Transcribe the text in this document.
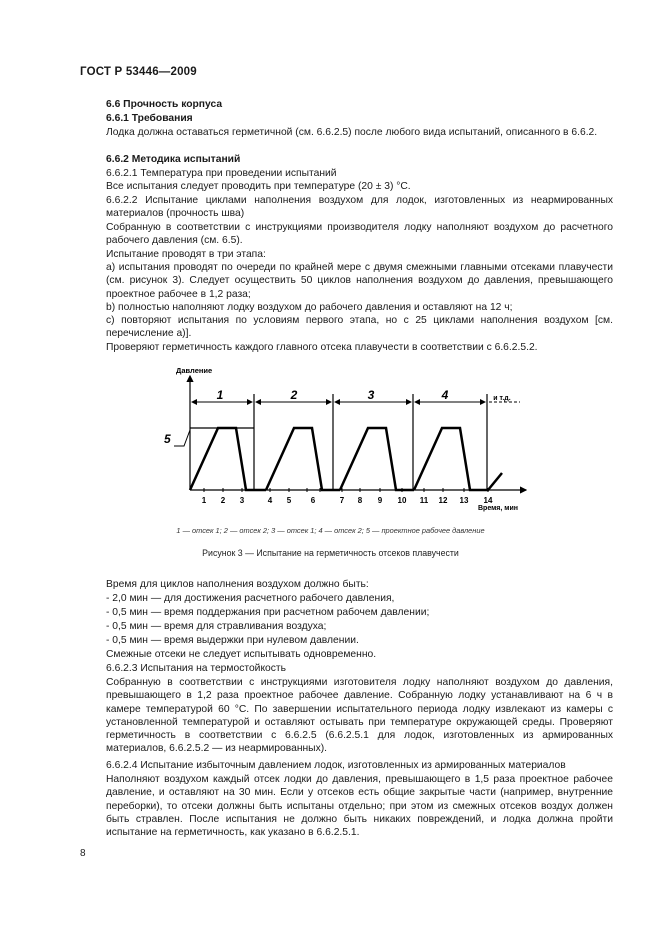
ГОСТ Р 53446—2009
6.6 Прочность корпуса
6.6.1 Требования
Лодка должна оставаться герметичной (см. 6.6.2.5) после любого вида испытаний, описанного в 6.6.2.
6.6.2 Методика испытаний
6.6.2.1 Температура при проведении испытаний
Все испытания следует проводить при температуре (20 ± 3) °С.
6.6.2.2 Испытание циклами наполнения воздухом для лодок, изготовленных из неармированных материалов (прочность шва)
Собранную в соответствии с инструкциями производителя лодку наполняют воздухом до расчетного рабочего давления (см. 6.5).
Испытание проводят в три этапа:
a) испытания проводят по очереди по крайней мере с двумя смежными главными отсеками плавучести (см. рисунок 3). Следует осуществить 50 циклов наполнения воздухом до давления, превышающего проектное рабочее в 1,2 раза;
b) полностью наполняют лодку воздухом до рабочего давления и оставляют на 12 ч;
c) повторяют испытания по условиям первого этапа, но с 25 циклами наполнения воздухом [см. перечисление a)].
Проверяют герметичность каждого главного отсека плавучести в соответствии с 6.6.2.5.2.
Давление
Время, мин
1	2	3	4	и т.д.
5
1 2 3	4 5 6	7 8 9 10 11 12 13 14
1 — отсек 1; 2 — отсек 2; 3 — отсек 1; 4 — отсек 2; 5 — проектное рабочее давление
Рисунок 3 — Испытание на герметичность отсеков плавучести
Время для циклов наполнения воздухом должно быть:
- 2,0 мин — для достижения расчетного рабочего давления,
- 0,5 мин — время поддержания при расчетном рабочем давлении;
- 0,5 мин — время для стравливания воздуха;
- 0,5 мин — время выдержки при нулевом давлении.
Смежные отсеки не следует испытывать одновременно.
6.6.2.3 Испытания на термостойкость
Собранную в соответствии с инструкциями изготовителя лодку наполняют воздухом до давления, превышающего в 1,2 раза проектное рабочее давление. Собранную лодку устанавливают на 6 ч в камере температурой 60 °С. По завершении испытательного периода лодку извлекают из камеры с установленной температурой и оставляют остывать при температуре окружающей среды. Проверяют герметичность в соответствии с 6.6.2.5 (6.6.2.5.1 для лодок, изготовленных из армированных материалов, 6.6.2.5.2 — из неармированных).
6.6.2.4 Испытание избыточным давлением лодок, изготовленных из армированных материалов
Наполняют воздухом каждый отсек лодки до давления, превышающего в 1,5 раза проектное рабочее давление, и оставляют на 30 мин. Если у отсеков есть общие закрытые части (например, внутренние переборки), то отсеки должны быть испытаны отдельно; при этом из смежных отсеков воздух должен быть стравлен. После испытания не должно быть никаких повреждений, и лодка должна пройти испытание на герметичность, как указано в 6.6.2.5.1.
8
